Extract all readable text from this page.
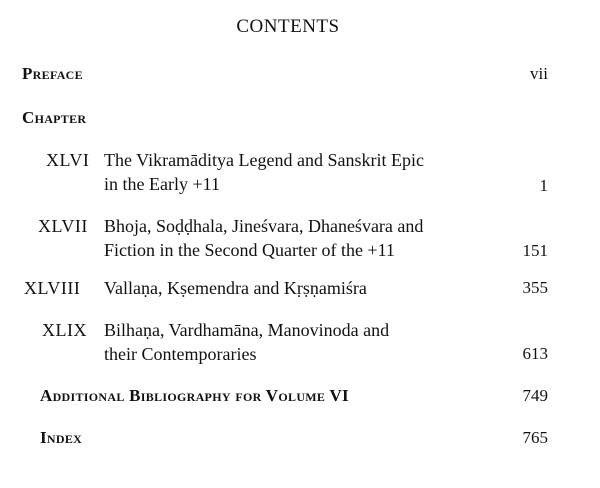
CONTENTS
Preface	vii
Chapter
XLVI The Vikramāditya Legend and Sanskrit Epic
in the Early +11	1
XLVII Bhoja, Soḍḍhala, Jineśvara, Dhaneśvara and
Fiction in the Second Quarter of the +11	151
XLVIII Vallaṇa, Kṣemendra and Kṛṣṇamiśra	355
XLIX Bilhaṇa, Vardhamāna, Manovinoda and
their Contemporaries	613
Additional Bibliography for Volume VI	749
Index	765
